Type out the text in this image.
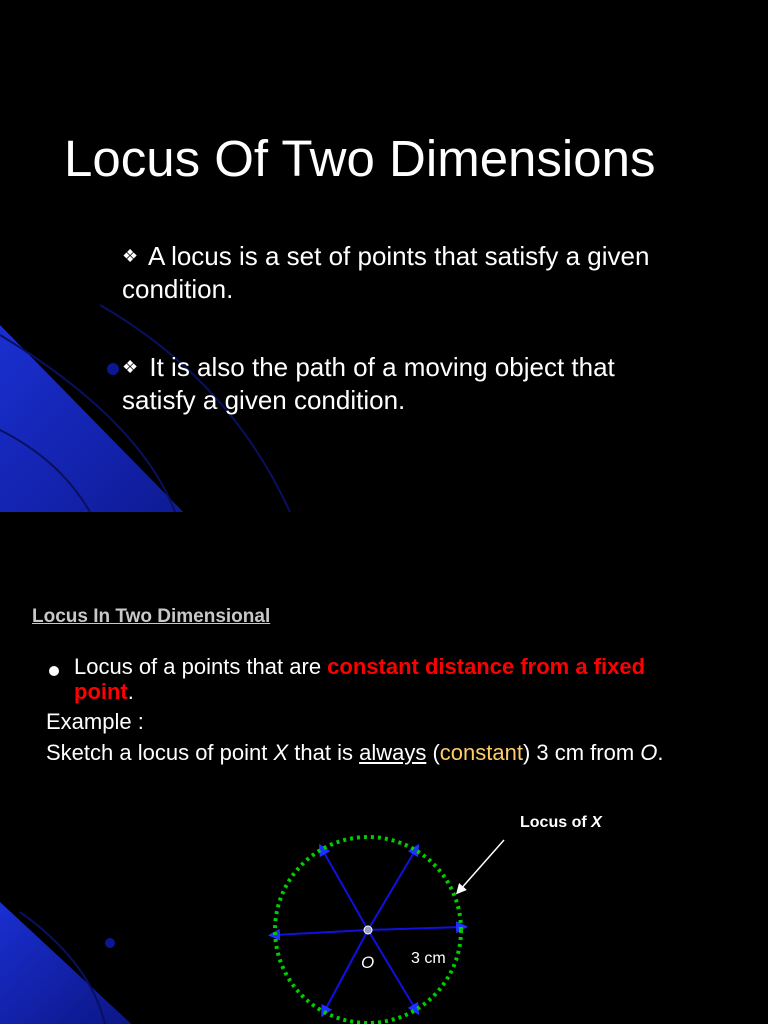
Locus Of Two Dimensions

❖ A locus is a set of points that satisfy a given condition.

❖ It is also the path of a moving object that satisfy a given condition.

Locus In Two Dimensional

Locus of a points that are constant distance from a fixed point.

Example :

Sketch a locus of point X that is always (constant) 3 cm from O.

Locus of X

O 3 cm
